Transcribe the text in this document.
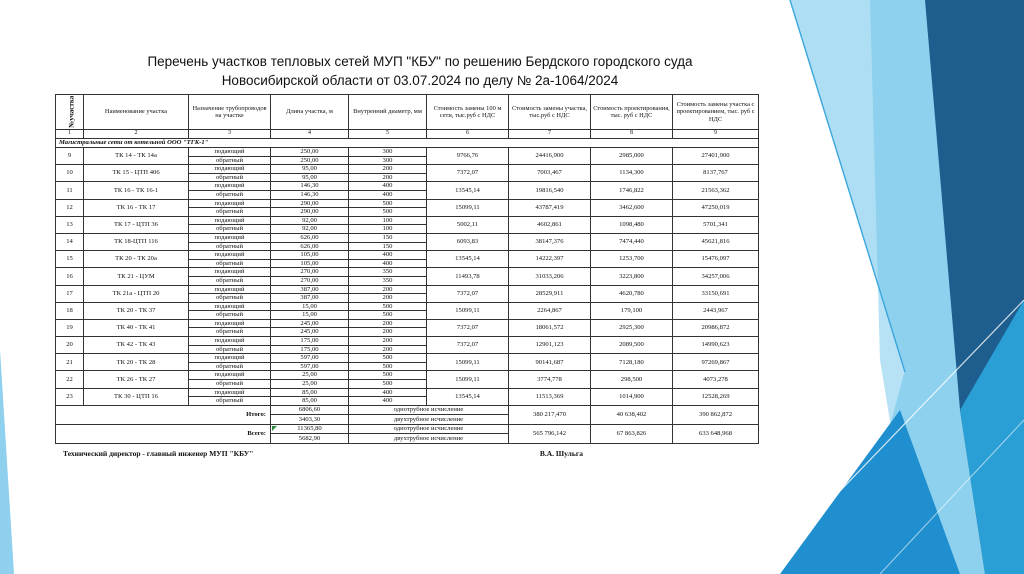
Перечень участков тепловых сетей МУП "КБУ" по решению Бердского городского суда
Новосибирской области от 03.07.2024 по делу № 2а-1064/2024
№участка	Наименование участка	Назначение трубопроводов на участке	Длина участка, м	Внутренний диаметр, мм	Стоимость замены 100 м сети, тыс.руб с НДС	Стоимость замены участка, тыс.руб с НДС	Стоимость проектирования, тыс. руб с НДС	Стоимость замены участка с проектированием, тыс. руб с НДС
1	2	3	4	5	6	7	8	9
Магистральные сети от котельной ООО "ТГК-1"								
9	ТК 14 - ТК 14а	подающий	250,00	300	9766,76	24416,900	2985,000	27401,900
		обратный	250,00	300				
10	ТК 15 - ЦТП 406	подающий	95,00	200	7372,07	7003,467	1134,300	8137,767
		обратный	95,00	200				
11	ТК 16 - ТК 16-1	подающий	146,30	400	13545,14	19816,540	1746,822	21563,362
		обратный	146,30	400				
12	ТК 16 - ТК 17	подающий	290,00	500	15099,11	43787,419	3462,600	47250,019
		обратный	290,00	500				
13	ТК 17 - ЦТП 36	подающий	92,00	100	5002,11	4602,861	1098,480	5701,341
		обратный	92,00	100				
14	ТК 18-ЦТП 116	подающий	626,00	150	6093,83	38147,376	7474,440	45621,816
		обратный	626,00	150				
15	ТК 20 - ТК 20а	подающий	105,00	400	13545,14	14222,397	1253,700	15476,097
		обратный	105,00	400				
16	ТК 21 - ЦУМ	подающий	270,00	350	11493,78	31033,206	3223,800	34257,006
		обратный	270,00	350				
17	ТК 21а - ЦТП 20	подающий	387,00	200	7372,07	28529,911	4620,780	33150,691
		обратный	387,00	200				
18	ТК 20 - ТК 37	подающий	15,00	500	15099,11	2264,867	179,100	2443,967
		обратный	15,00	500				
19	ТК 40 - ТК 41	подающий	245,00	200	7372,07	18061,572	2925,300	20986,872
		обратный	245,00	200				
20	ТК 42 - ТК 43	подающий	175,00	200	7372,07	12901,123	2089,500	14990,623
		обратный	175,00	200				
21	ТК 20 - ТК 28	подающий	597,00	500	15099,11	90141,687	7128,180	97269,867
		обратный	597,00	500				
22	ТК 26 - ТК 27	подающий	25,00	500	15099,11	3774,778	298,500	4073,278
		обратный	25,00	500				
23	ТК 30 - ЦТП 16	подающий	85,00	400	13545,14	11513,369	1014,900	12528,269
		обратный	85,00	400				
Итого:			6806,60	однотрубное исчисление		380 217,470	40 638,402	390 862,872
			3403,30	двухтрубное исчисление				
Всего:			11365,80	однотрубное исчисление		565 796,142	67 863,826	633 648,968
			5682,90	двухтрубное исчисление				
Технический директор - главный инженер МУП "КБУ"	В.А. Шульга
